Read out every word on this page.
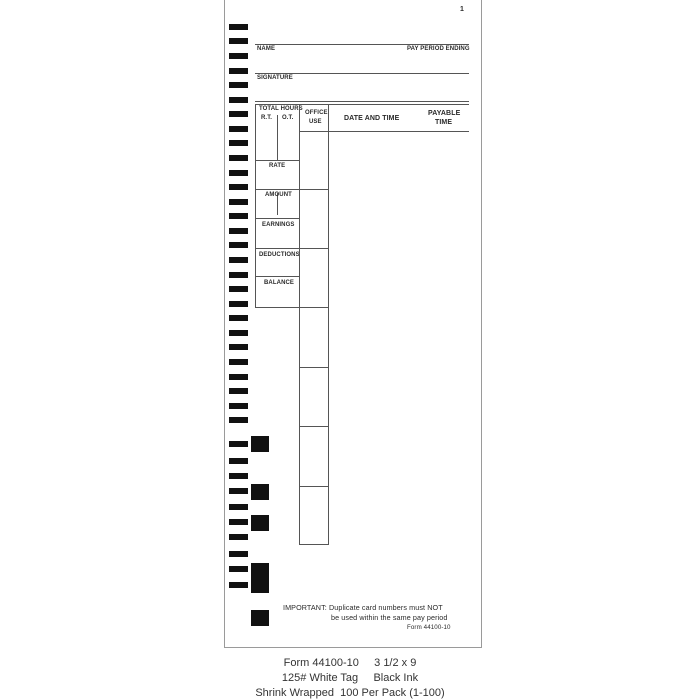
1
NAME	PAY PERIOD ENDING
SIGNATURE
TOTAL HOURS
R.T. O.T.
OFFICE
USE	DATE AND TIME
PAYABLE
TIME
RATE
AMOUNT
EARNINGS
DEDUCTIONS
BALANCE
IMPORTANT: Duplicate card numbers must NOT
be used within the same pay period
Form 44100-10
Form 44100-10     3 1/2 x 9
125# White Tag     Black Ink
Shrink Wrapped  100 Per Pack (1-100)
